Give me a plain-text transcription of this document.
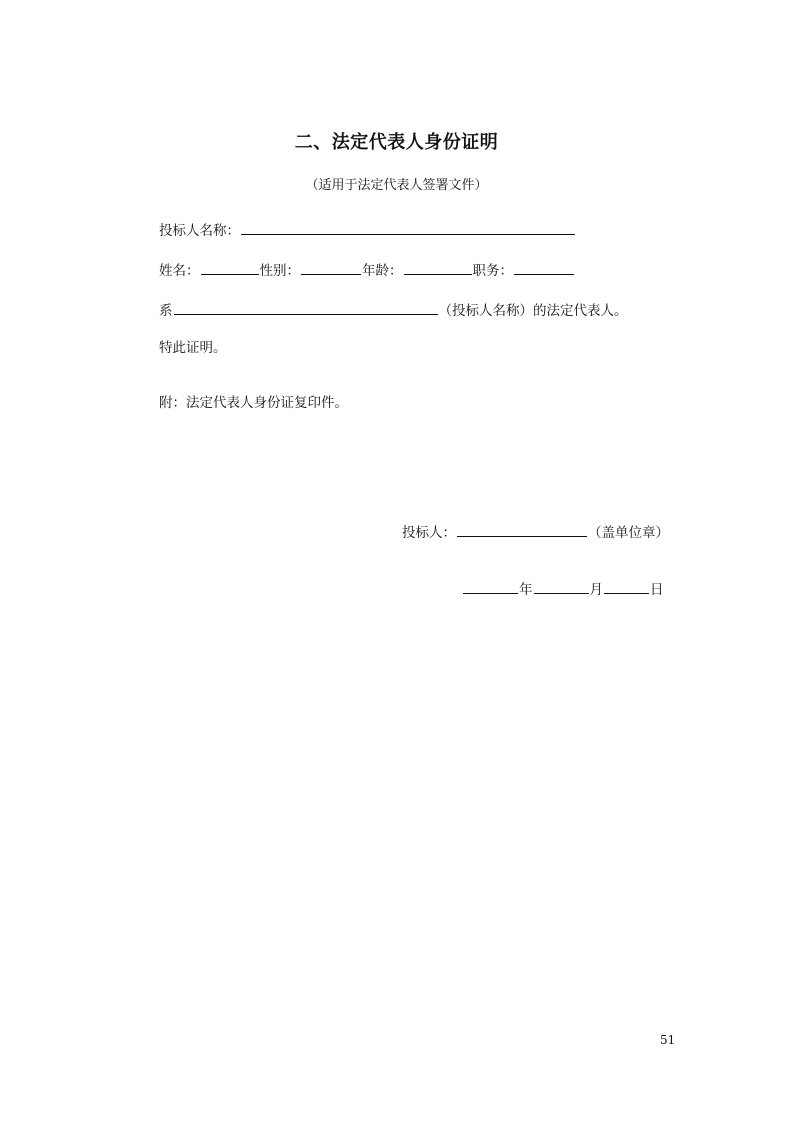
二、法定代表人身份证明
（适用于法定代表人签署文件）
投标人名称：
姓名：	性别：	年龄：	职务：
系	（投标人名称）的法定代表人。
特此证明。
附：法定代表人身份证复印件。
投标人：	（盖单位章）
年	月	日
51
